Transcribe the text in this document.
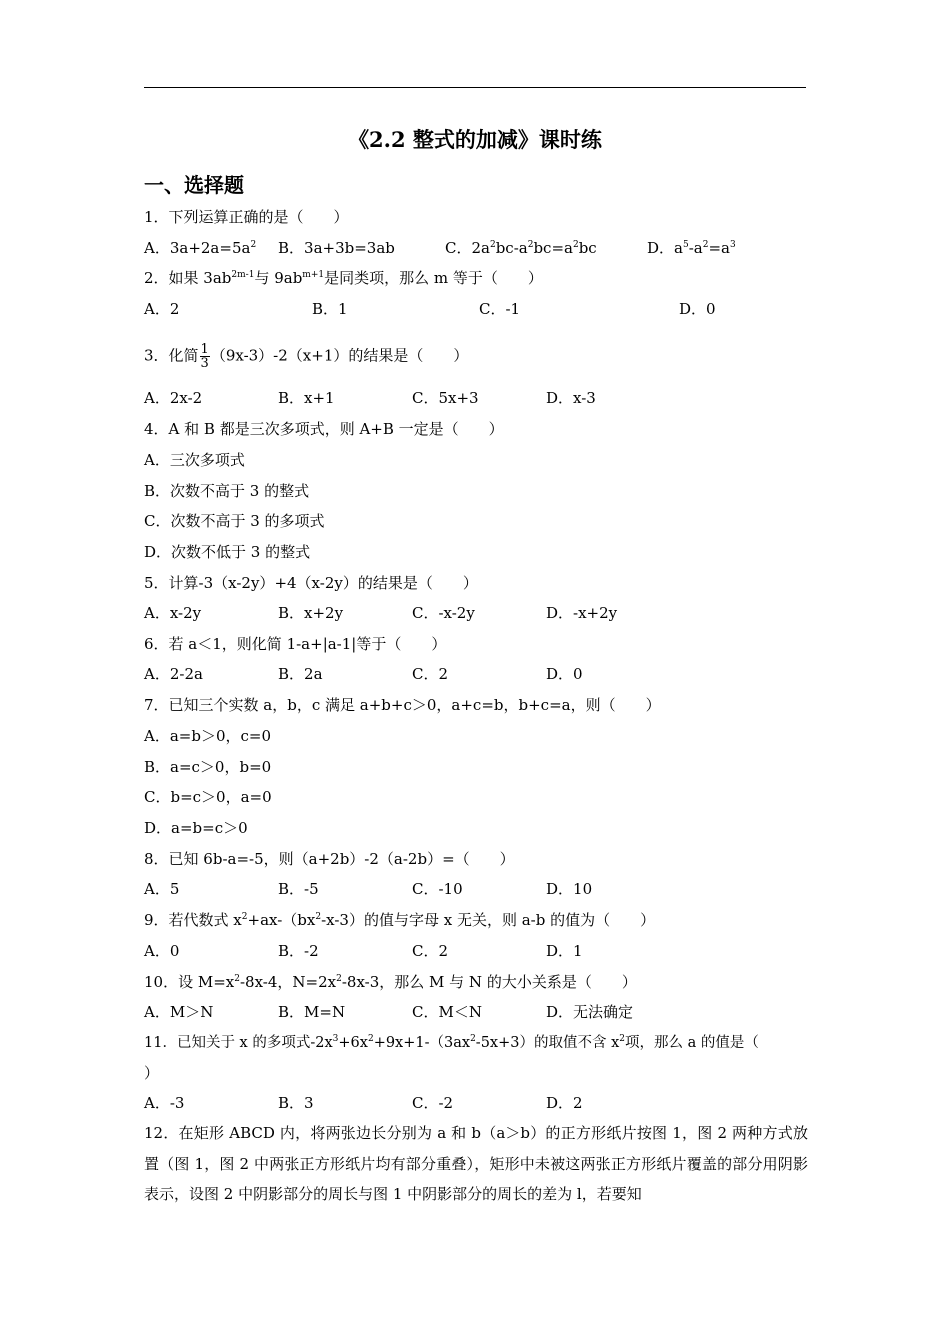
《2.2 整式的加减》课时练
一、选择题
1．下列运算正确的是（　　）
A．$3a+2a=5a^2$ B．3a+3b=3ab	C．$2a^2bc-a^2bc=a^2bc$	D．$a^5-a^2=a^3$
2．如果 $3ab^{2m-1}$与 $9ab^{m+1}$是同类项，那么 m 等于（　　）
A．2	B．1	C．-1	D．0
3．化简 $\frac{1}{3} (9x-3)-2(x+1)$的结果是（　　）
A．2x-2	B．x+1	C．5x+3	D．x-3
4．A 和 B 都是三次多项式，则 A+B 一定是（　　）
A．三次多项式
B．次数不高于 3 的整式
C．次数不高于 3 的多项式
D．次数不低于 3 的整式
5．计算-3（x-2y）+4（x-2y）的结果是（　　）
A．x-2y	B．x+2y	C．-x-2y	D．-x+2y
6．若 a＜1，则化简 1-a+|a-1|等于（　　）
A．2-2a	B．2a	C．2	D．0
7．已知三个实数 a，b，c 满足 a+b+c＞0，a+c=b，b+c=a，则（　　）
A．a=b＞0，c=0
B．a=c＞0，b=0
C．b=c＞0，a=0
D．a=b=c＞0
8．已知 6b-a=-5，则（a+2b）-2（a-2b）=（　　）
A．5	B．-5	C．-10	D．10
9．若代数式 $x^2+ax-(bx^2-x-3)$的值与字母 x 无关，则 a-b 的值为（　　）
A．0	B．-2	C．2	D．1
10．设 $M=x^2-8x-4$，$N=2x^2-8x-3$，那么 M 与 N 的大小关系是（　　）
A．M＞N	B．M=N	C．M＜N	D．无法确定
11．已知关于 x 的多项式$-2x^3+6x^2+9x+1-(3ax^2-5x+3)$的取值不含 $x^2$项，那么 a 的值是（
）
A．-3	B．3	C．-2	D．2
12．在矩形 ABCD 内，将两张边长分别为 a 和 b（a＞b）的正方形纸片按图 1，图 2 两种方式放置（图 1，图 2 中两张正方形纸片均有部分重叠），矩形中未被这两张正方形纸片覆盖的部分用阴影表示，设图 2 中阴影部分的周长与图 1 中阴影部分的周长的差为 l，若要知
